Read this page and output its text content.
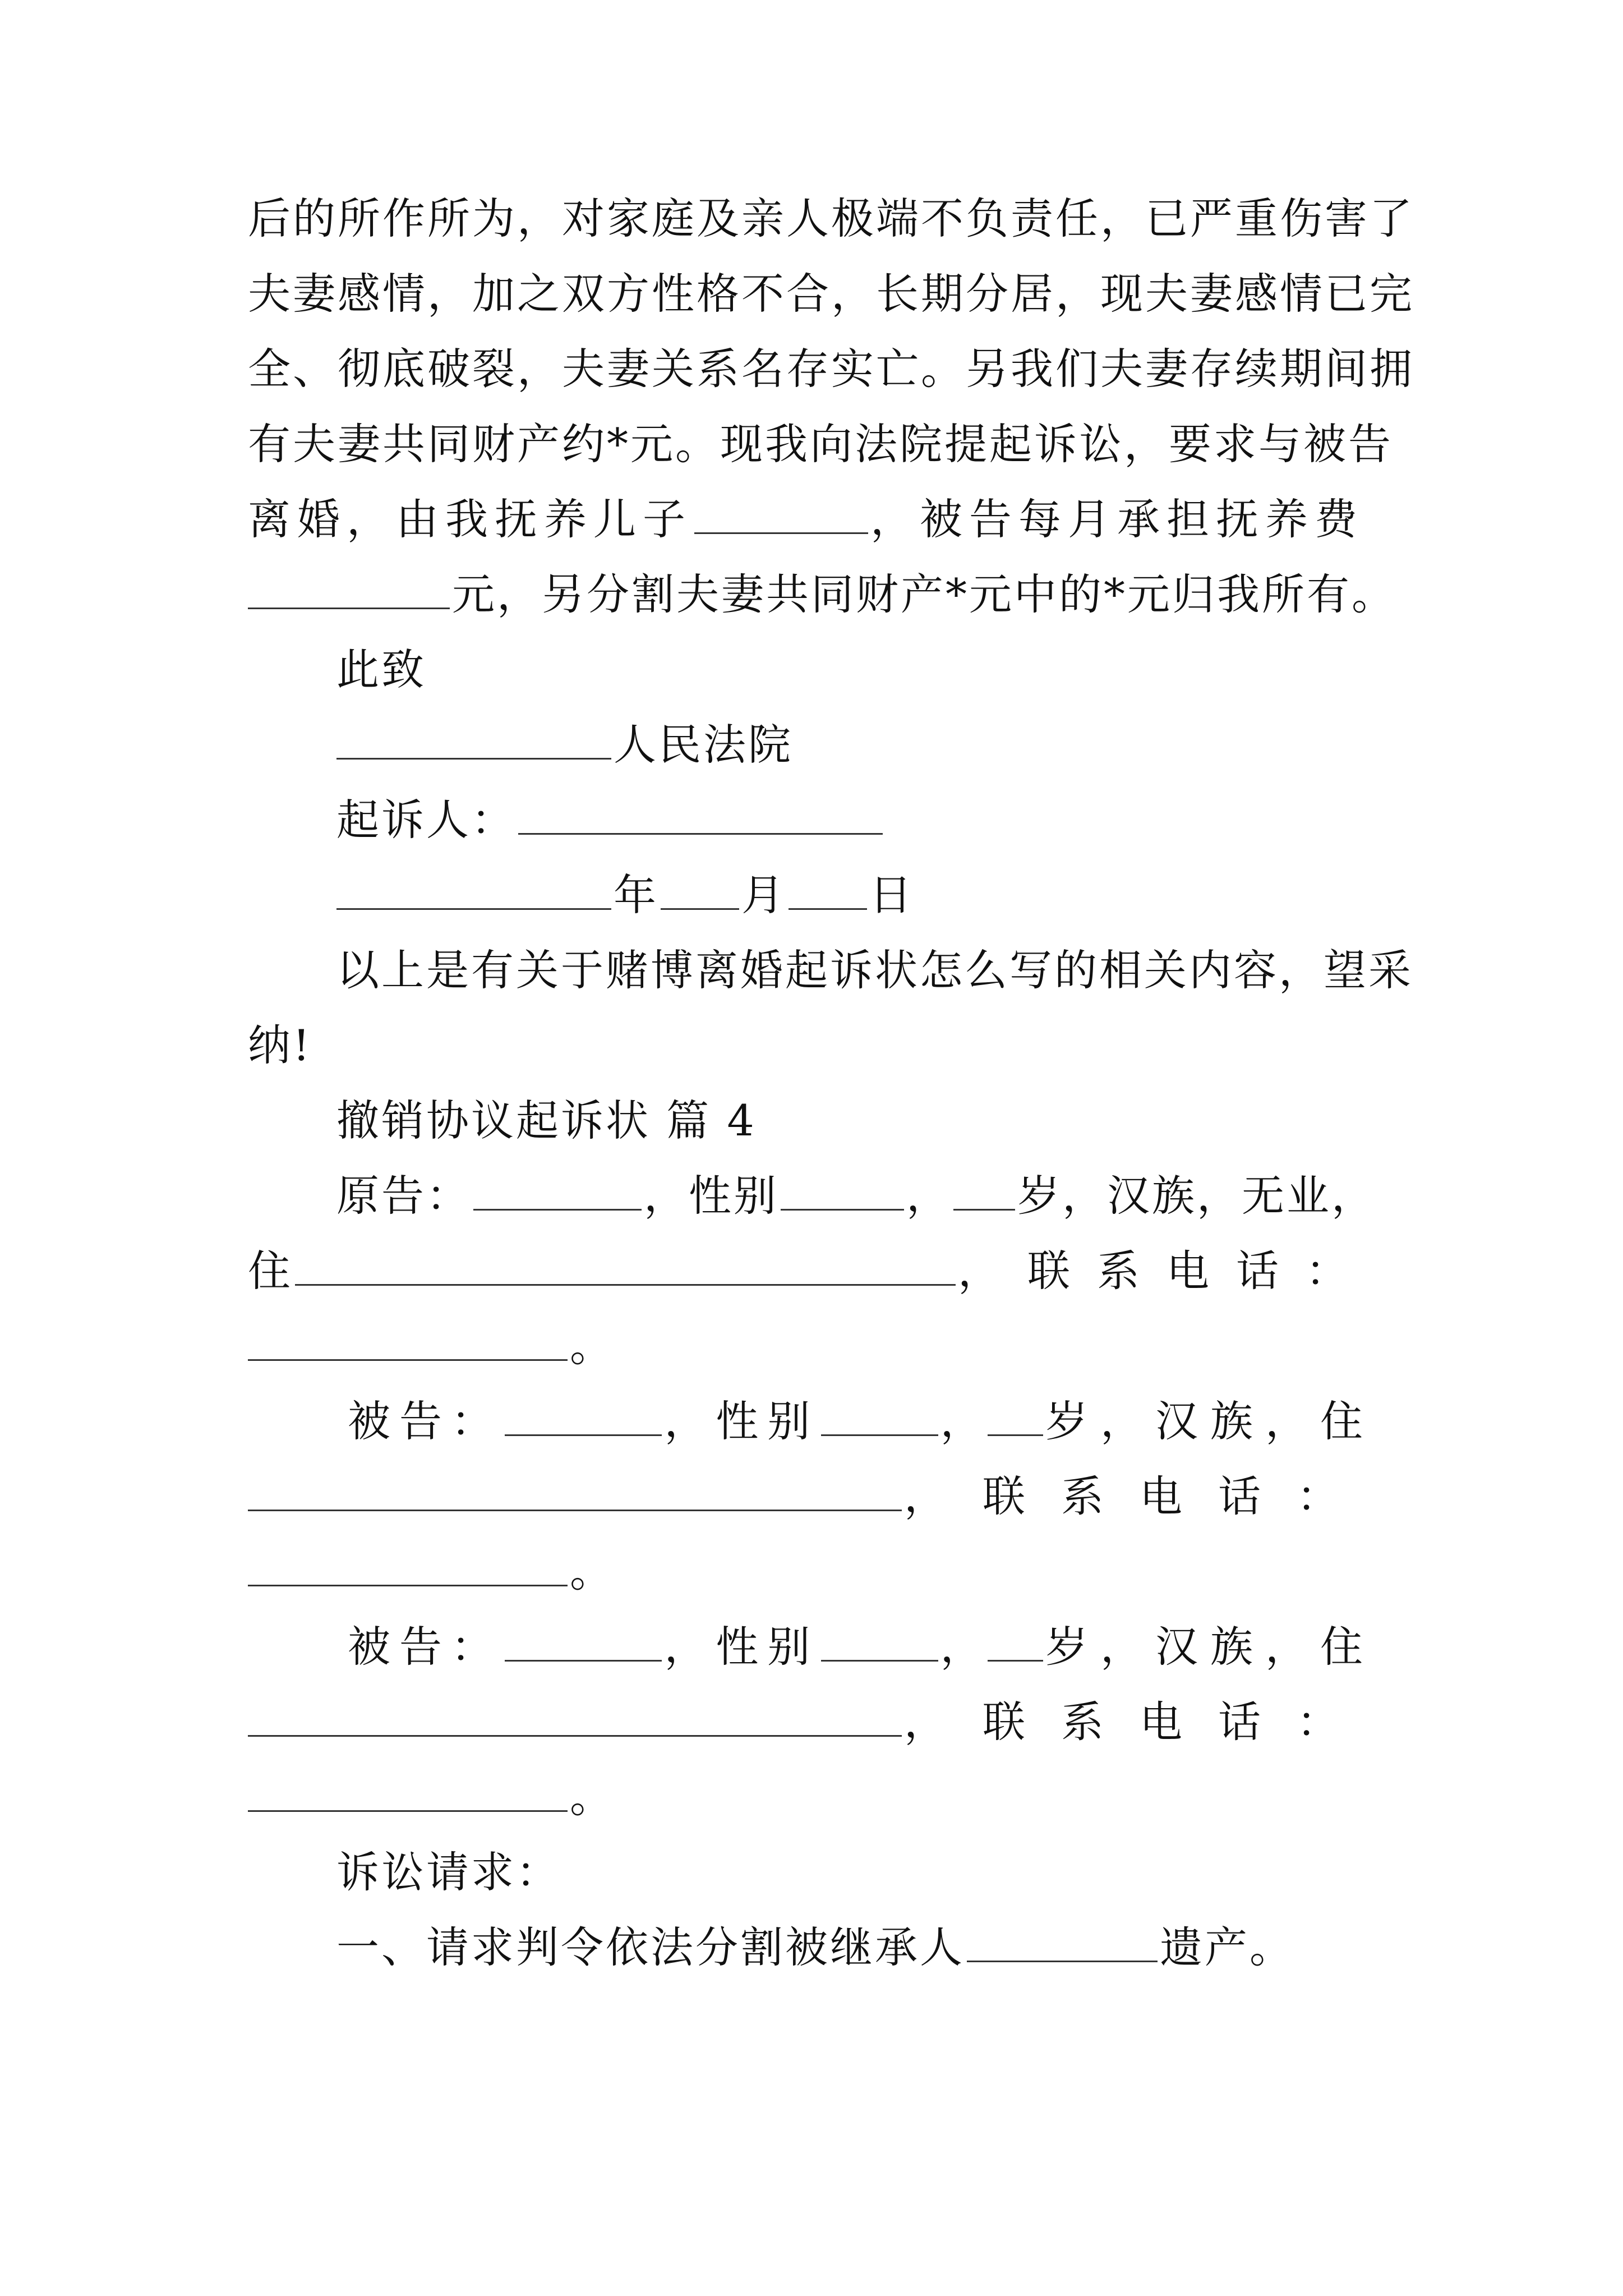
后的所作所为，对家庭及亲人极端不负责任，已严重伤害了
夫妻感情，加之双方性格不合，长期分居，现夫妻感情已完
全、彻底破裂，夫妻关系名存实亡。另我们夫妻存续期间拥
有夫妻共同财产约*元。现我向法院提起诉讼，要求与被告
离婚，由我抚养儿子	，被告每月承担抚养费
元，另分割夫妻共同财产*元中的*元归我所有。
此致
人民法院
起诉人：
年 月 日
以上是有关于赌博离婚起诉状怎么写的相关内容，望采
纳!
撤销协议起诉状 篇 4
原告：	，性别	， 岁，汉族，无业，
住	，联系电话：
。
被告：	，性别	， 岁，汉族，住
，联系电话：
。
被告：	，性别	， 岁，汉族，住
，联系电话：
。
诉讼请求：
一、请求判令依法分割被继承人	遗产。
